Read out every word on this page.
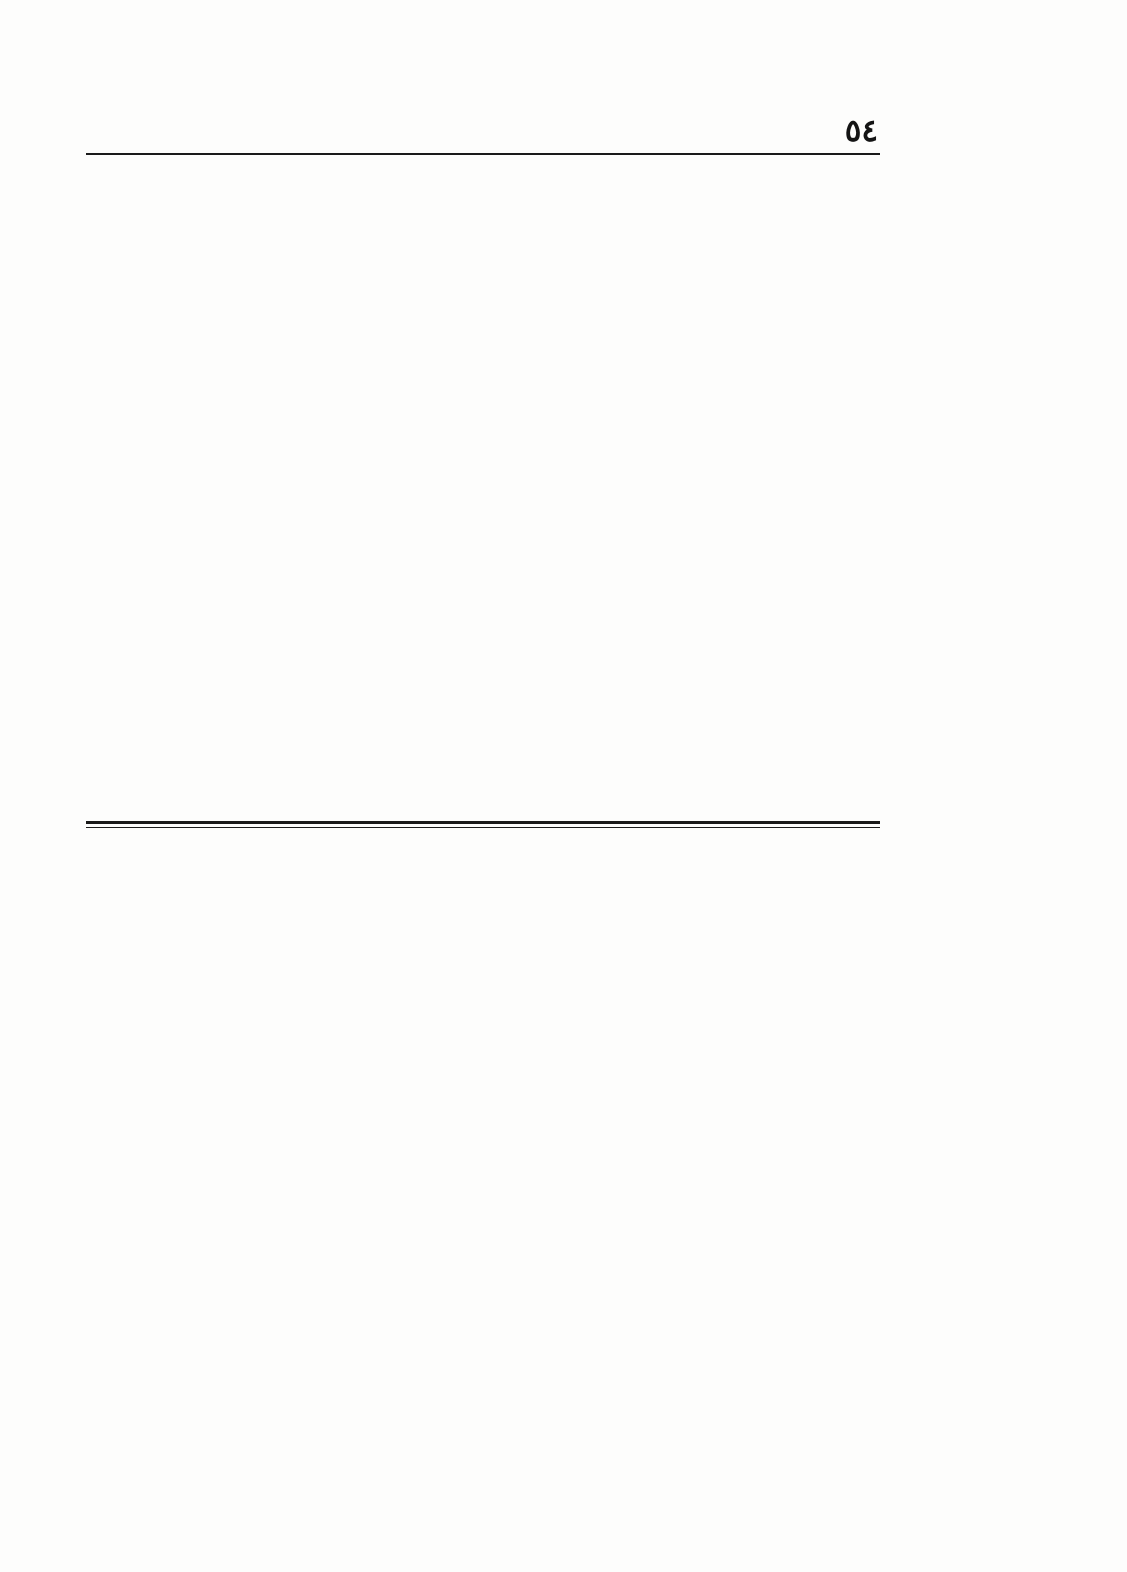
٥٤
